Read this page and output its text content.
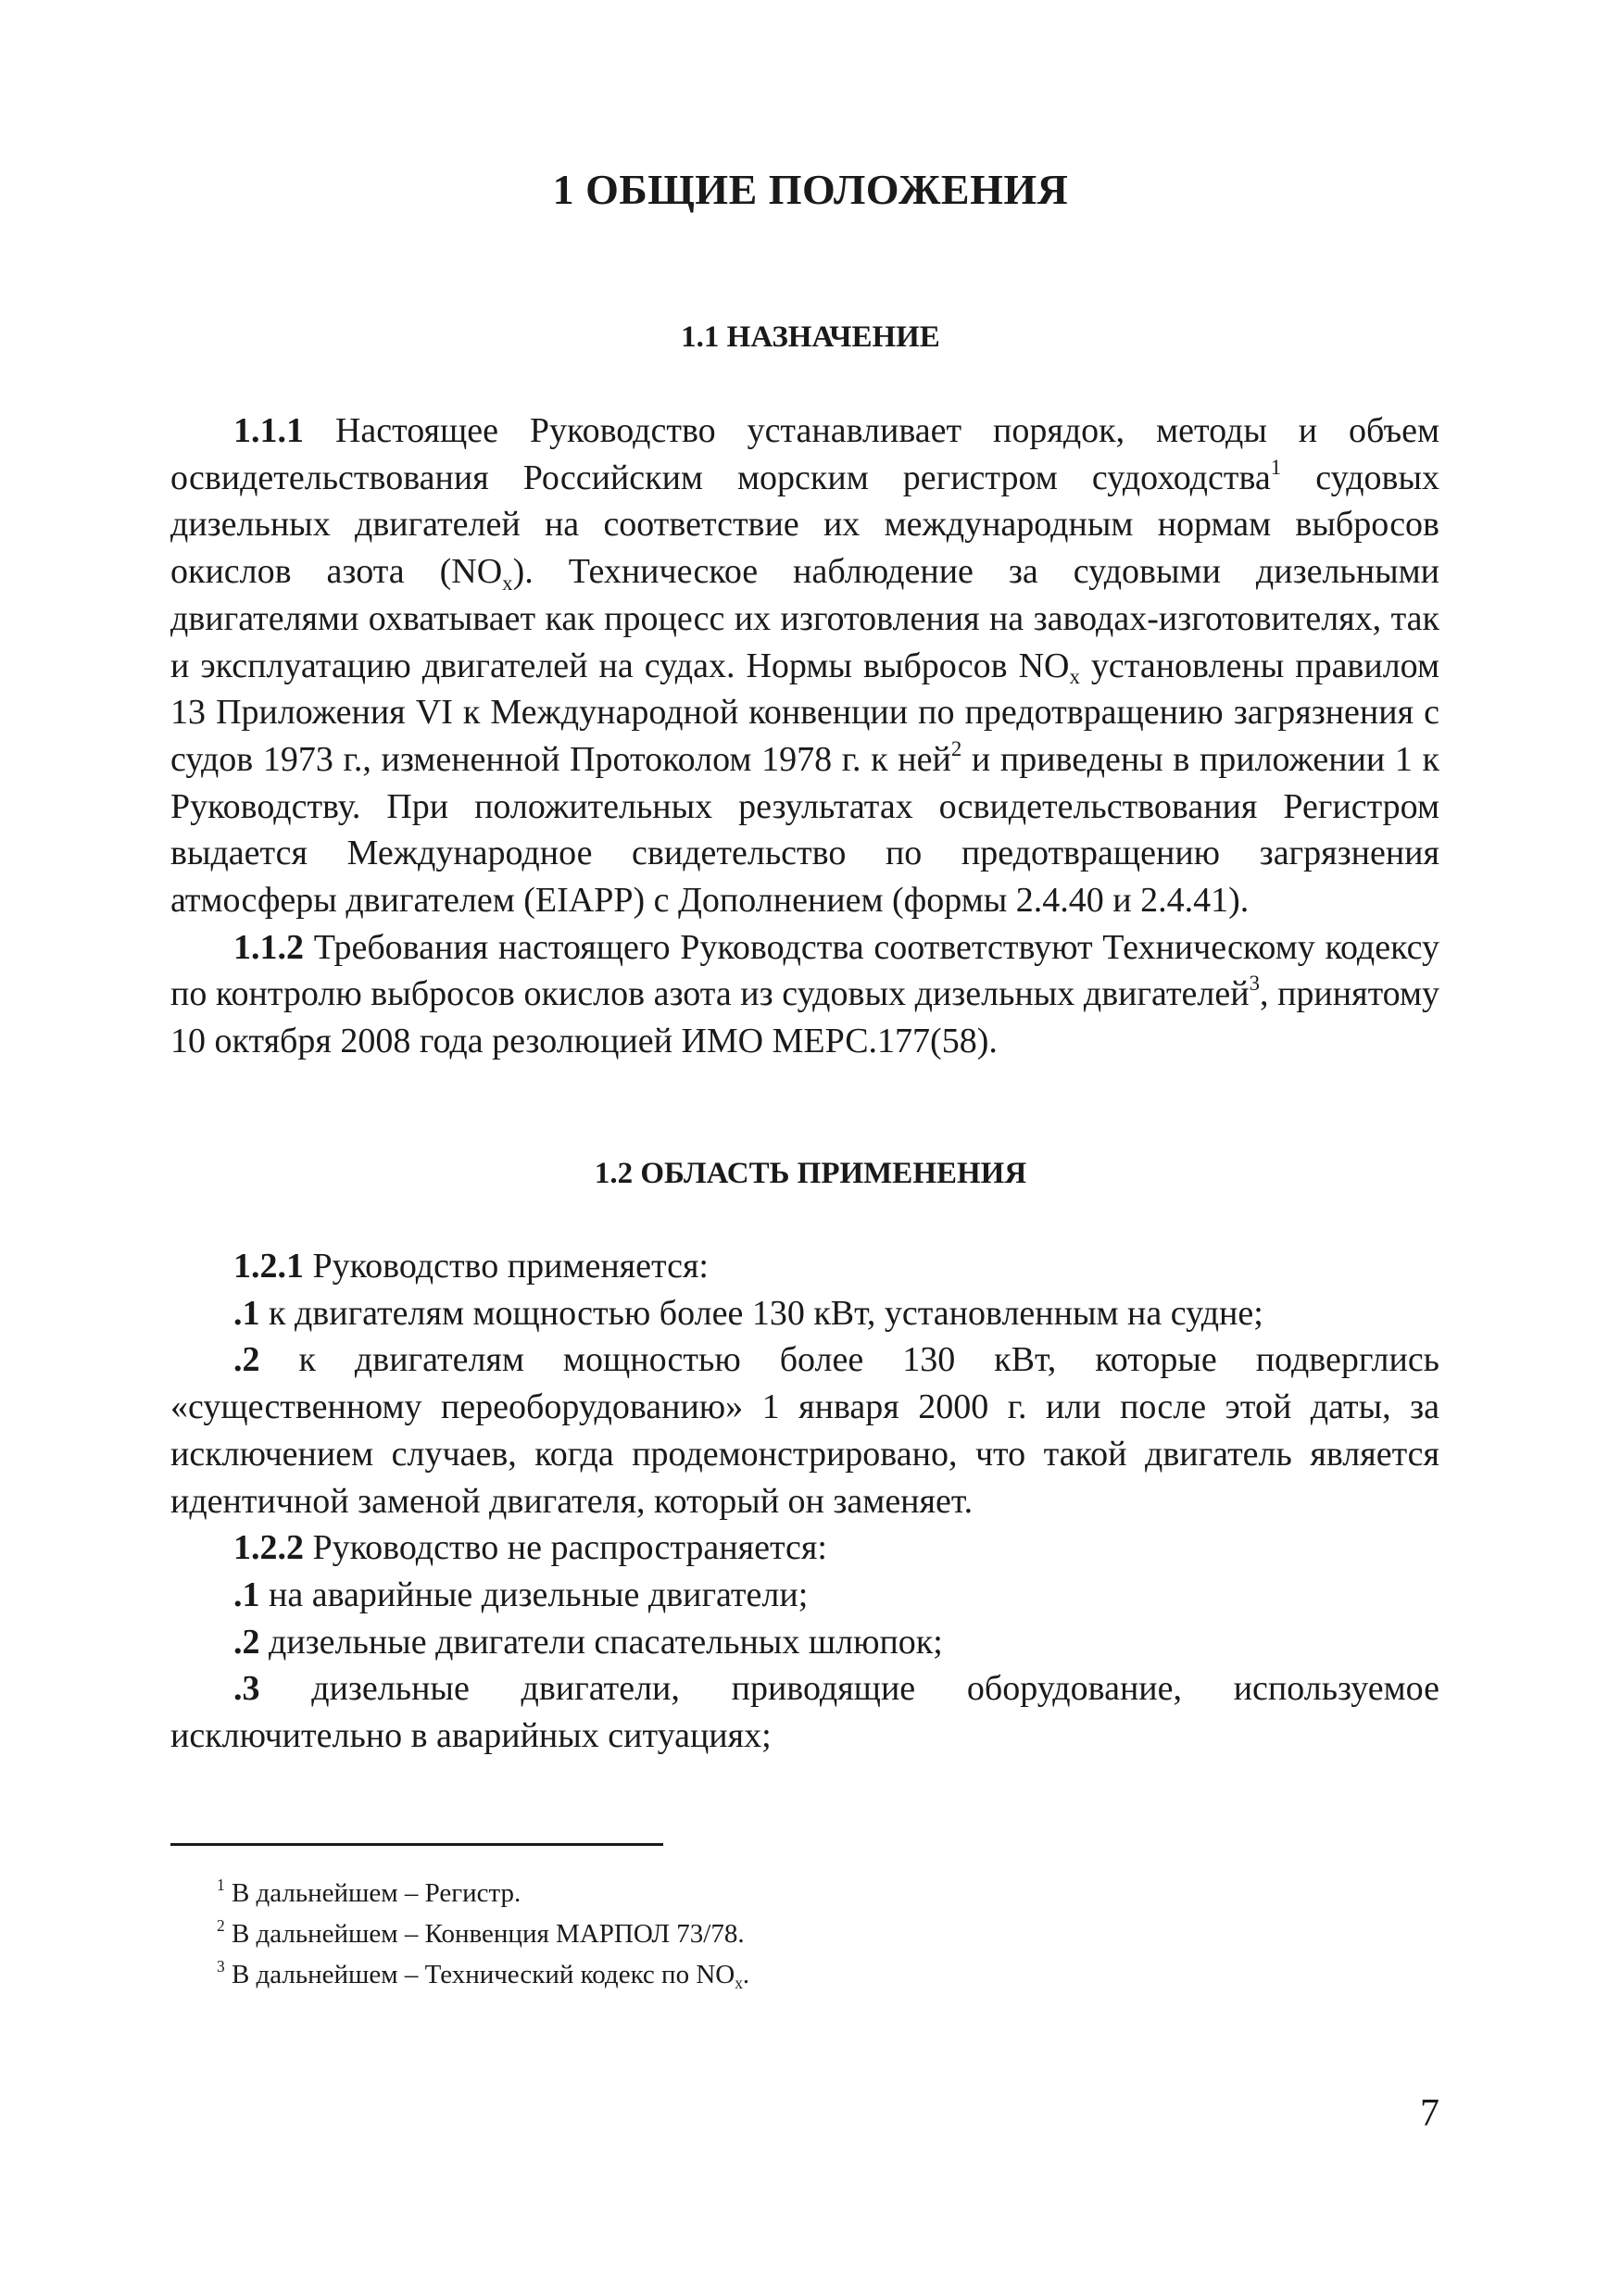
1 ОБЩИЕ ПОЛОЖЕНИЯ
1.1 НАЗНАЧЕНИЕ

1.1.1 Настоящее Руководство устанавливает порядок, методы и объем освидетельствования Российским морским регистром судоходства$^1$ судовых дизельных двигателей на соответствие их международным нормам выбросов окислов азота $(NO_x)$. Техническое наблюдение за судовыми дизельными двигателями охватывает как процесс их изготовления на заводах-изготовителях, так и эксплуатацию двигателей на судах. Нормы выбросов $NO_x$ установлены правилом 13 Приложения VI к Международной конвенции по предотвращению загрязнения с судов 1973 г., измененной Протоколом 1978 г. к ней$^2$ и приведены в приложении 1 к Руководству. При положительных результатах освидетельствования Регистром выдается Международное свидетельство по предотвращению загрязнения атмосферы двигателем (EIAPP) с Дополнением (формы 2.4.40 и 2.4.41).

1.1.2 Требования настоящего Руководства соответствуют Техническому кодексу по контролю выбросов окислов азота из судовых дизельных двигателей$^3$, принятому 10 октября 2008 года резолюцией ИМО МЕРС.177(58).

1.2 ОБЛАСТЬ ПРИМЕНЕНИЯ

1.2.1 Руководство применяется:

.1 к двигателям мощностью более 130 кВт, установленным на судне;

.2 к двигателям мощностью более 130 кВт, которые подверглись «существенному переоборудованию» 1 января 2000 г. или после этой даты, за исключением случаев, когда продемонстрировано, что такой двигатель является идентичной заменой двигателя, который он заменяет.

1.2.2 Руководство не распространяется:

.1 на аварийные дизельные двигатели;

.2 дизельные двигатели спасательных шлюпок;

.3 дизельные двигатели, приводящие оборудование, используемое исключительно в аварийных ситуациях;

$^1$ В дальнейшем – Регистр.
$^2$ В дальнейшем – Конвенция МАРПОЛ 73/78.
$^3$ В дальнейшем – Технический кодекс по $NO_x$.
7
